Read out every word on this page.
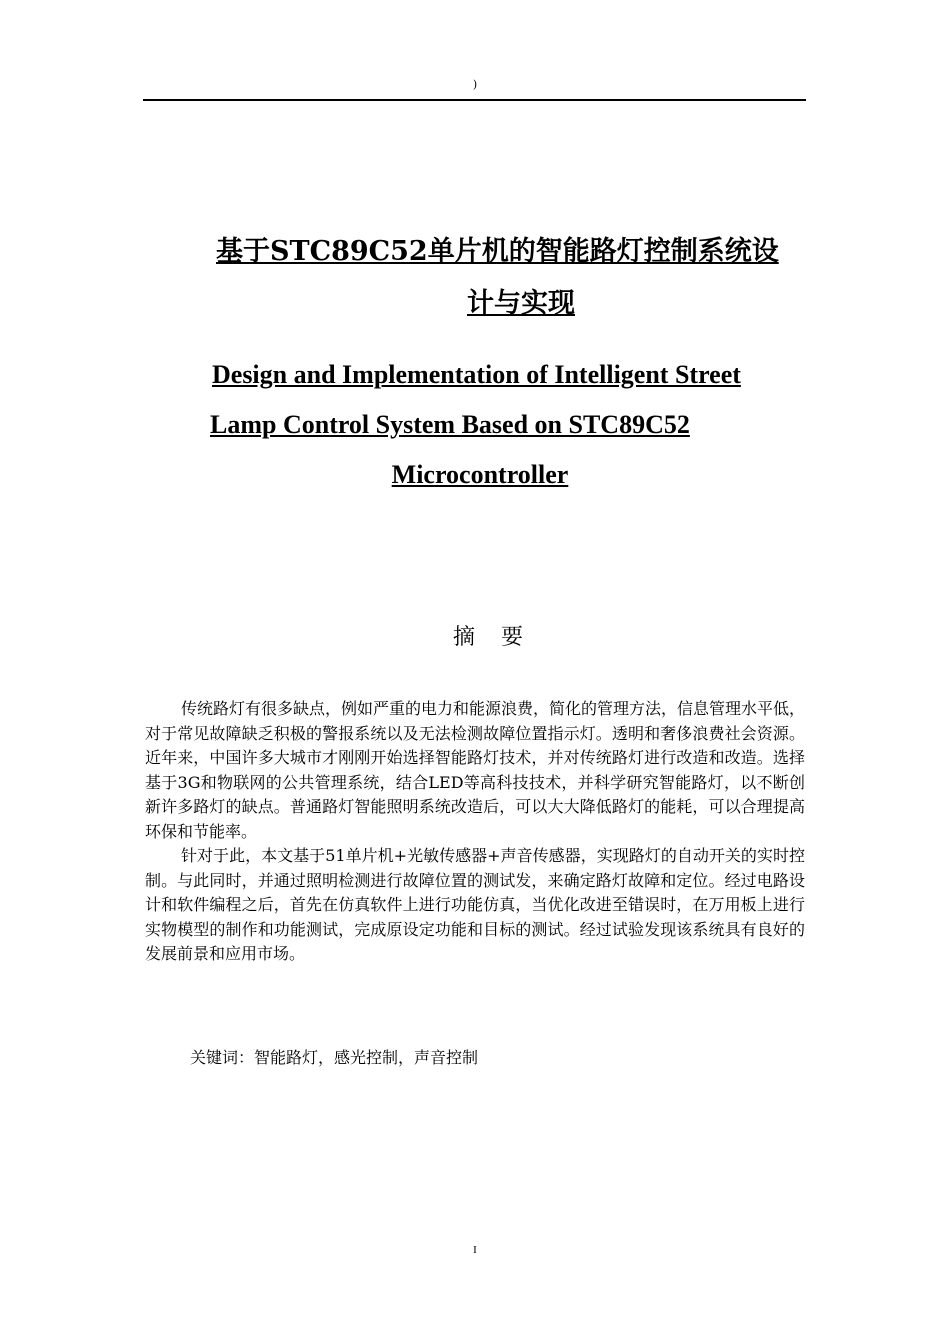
)
基于STC89C52单片机的智能路灯控制系统设
计与实现
Design and Implementation of Intelligent Street
Lamp Control System Based on STC89C52
Microcontroller
摘要

传统路灯有很多缺点，例如严重的电力和能源浪费，简化的管理方法，信息管理水平低，对于常见故障缺乏积极的警报系统以及无法检测故障位置指示灯。透明和奢侈浪费社会资源。近年来，中国许多大城市才刚刚开始选择智能路灯技术，并对传统路灯进行改造和改造。选择基于3G和物联网的公共管理系统，结合LED等高科技技术，并科学研究智能路灯，以不断创新许多路灯的缺点。普通路灯智能照明系统改造后，可以大大降低路灯的能耗，可以合理提高环保和节能率。

针对于此，本文基于51单片机+光敏传感器+声音传感器，实现路灯的自动开关的实时控制。与此同时，并通过照明检测进行故障位置的测试发，来确定路灯故障和定位。经过电路设计和软件编程之后，首先在仿真软件上进行功能仿真，当优化改进至错误时，在万用板上进行实物模型的制作和功能测试，完成原设定功能和目标的测试。经过试验发现该系统具有良好的发展前景和应用市场。

关键词：智能路灯，感光控制，声音控制
I
